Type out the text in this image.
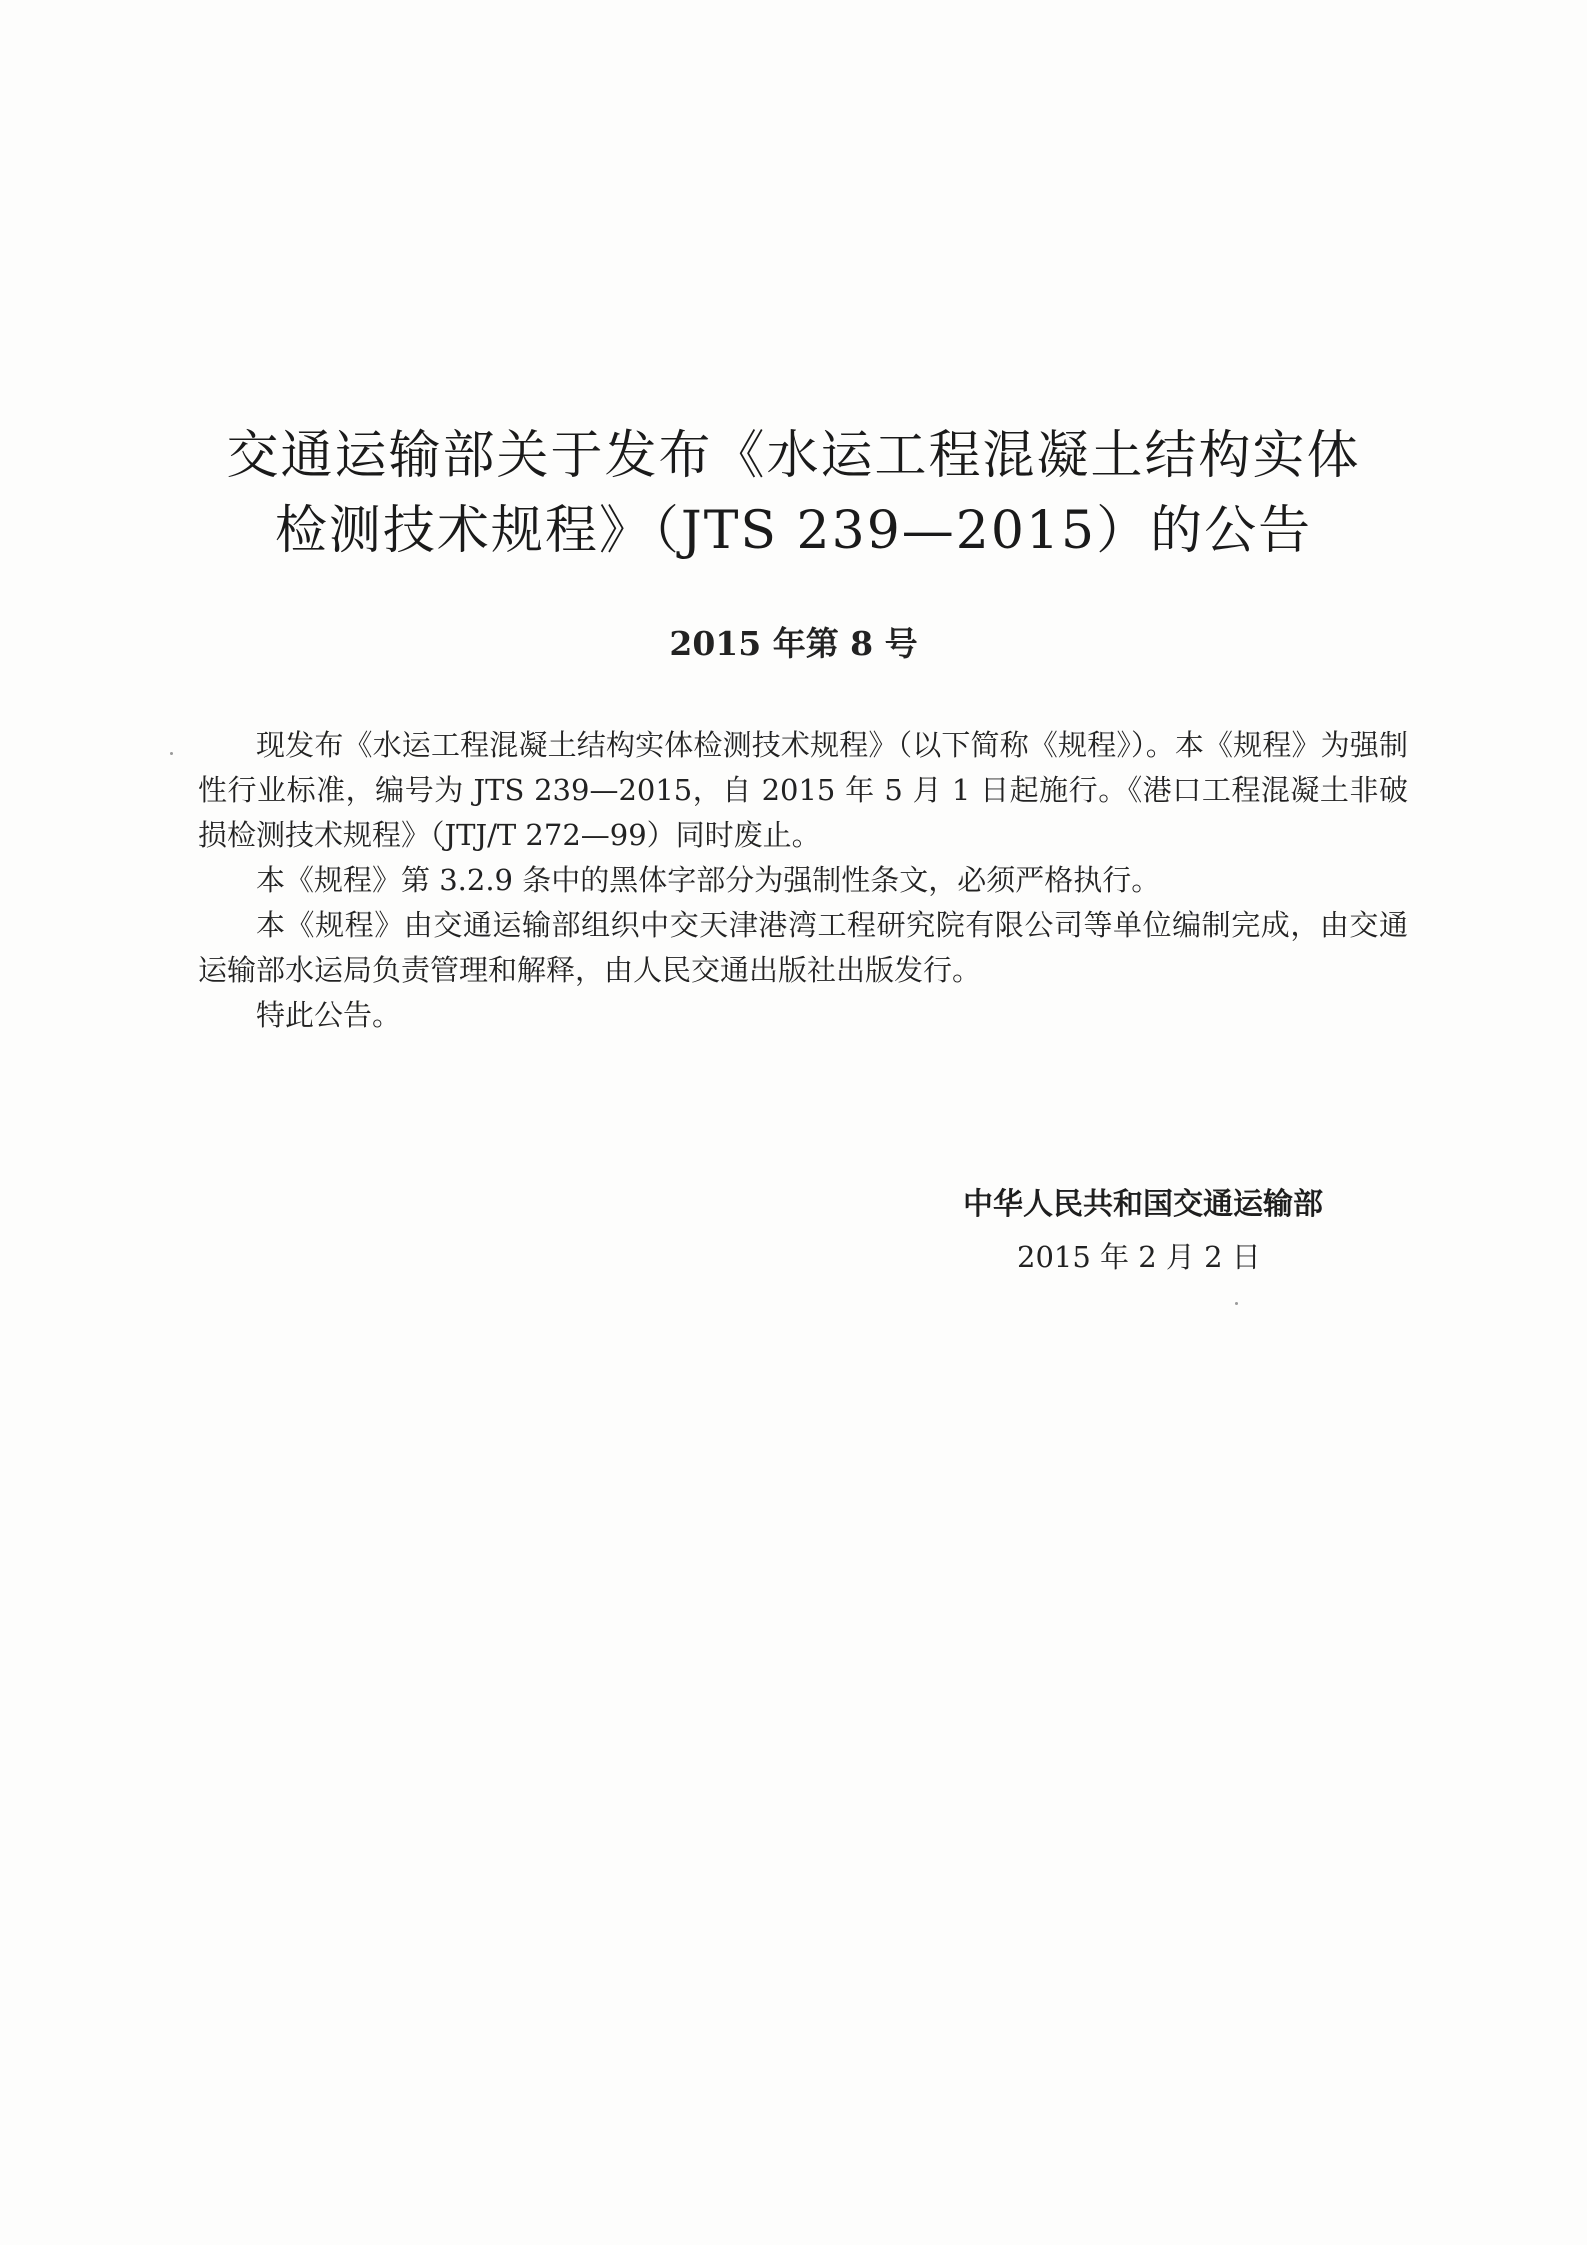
交通运输部关于发布《水运工程混凝土结构实体
检测技术规程》（JTS 239—2015）的公告
2015 年第 8 号

现发布《水运工程混凝土结构实体检测技术规程》（以下简称《规程》）。本《规程》为强制性行业标准，编号为 JTS 239—2015，自 2015 年 5 月 1 日起施行。《港口工程混凝土非破损检测技术规程》（JTJ/T 272—99）同时废止。

本《规程》第 3.2.9 条中的黑体字部分为强制性条文，必须严格执行。

本《规程》由交通运输部组织中交天津港湾工程研究院有限公司等单位编制完成，由交通运输部水运局负责管理和解释，由人民交通出版社出版发行。

特此公告。

中华人民共和国交通运输部
2015 年 2 月 2 日
